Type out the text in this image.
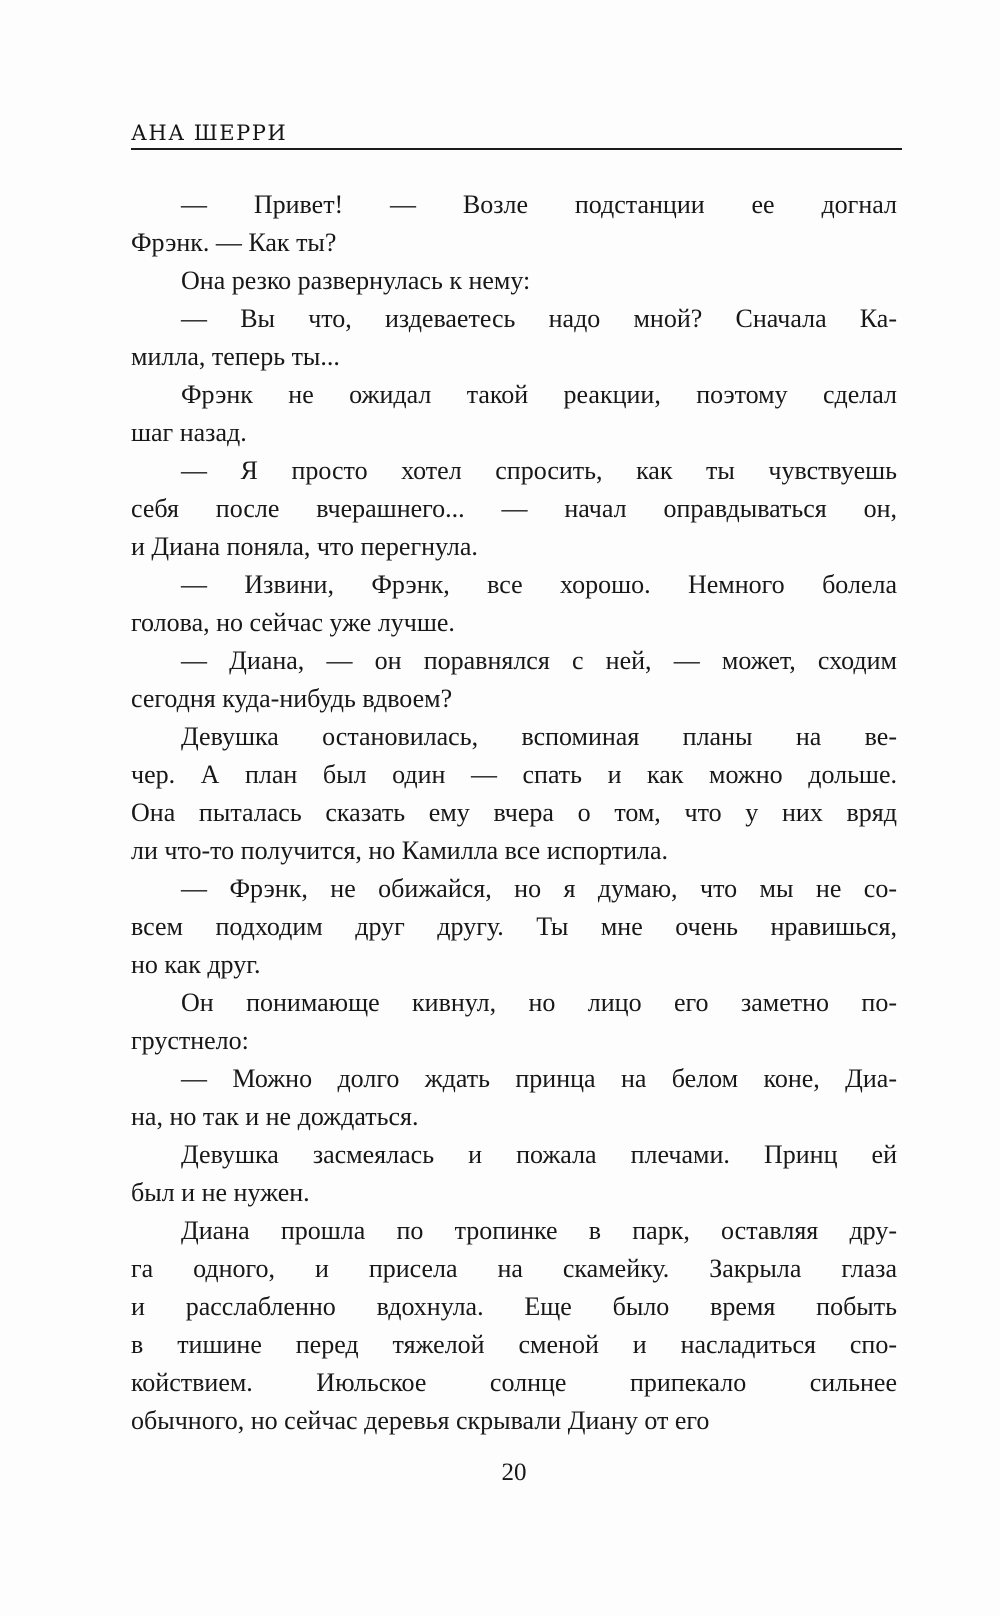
АНА ШЕРРИ
— Привет! — Возле подстанции ее догнал
Фрэнк. — Как ты?
Она резко развернулась к нему:
— Вы что, издеваетесь надо мной? Сначала Ка-
милла, теперь ты...
Фрэнк не ожидал такой реакции, поэтому сделал
шаг назад.
— Я просто хотел спросить, как ты чувствуешь
себя после вчерашнего... — начал оправдываться он,
и Диана поняла, что перегнула.
— Извини, Фрэнк, все хорошо. Немного болела
голова, но сейчас уже лучше.
— Диана, — он поравнялся с ней, — может, сходим
сегодня куда-нибудь вдвоем?
Девушка остановилась, вспоминая планы на ве-
чер. А план был один — спать и как можно дольше.
Она пыталась сказать ему вчера о том, что у них вряд
ли что-то получится, но Камилла все испортила.
— Фрэнк, не обижайся, но я думаю, что мы не со-
всем подходим друг другу. Ты мне очень нравишься,
но как друг.
Он понимающе кивнул, но лицо его заметно по-
грустнело:
— Можно долго ждать принца на белом коне, Диа-
на, но так и не дождаться.
Девушка засмеялась и пожала плечами. Принц ей
был и не нужен.
Диана прошла по тропинке в парк, оставляя дру-
га одного, и присела на скамейку. Закрыла глаза
и расслабленно вдохнула. Еще было время побыть
в тишине перед тяжелой сменой и насладиться спо-
койствием. Июльское солнце припекало сильнее
обычного, но сейчас деревья скрывали Диану от его
20
